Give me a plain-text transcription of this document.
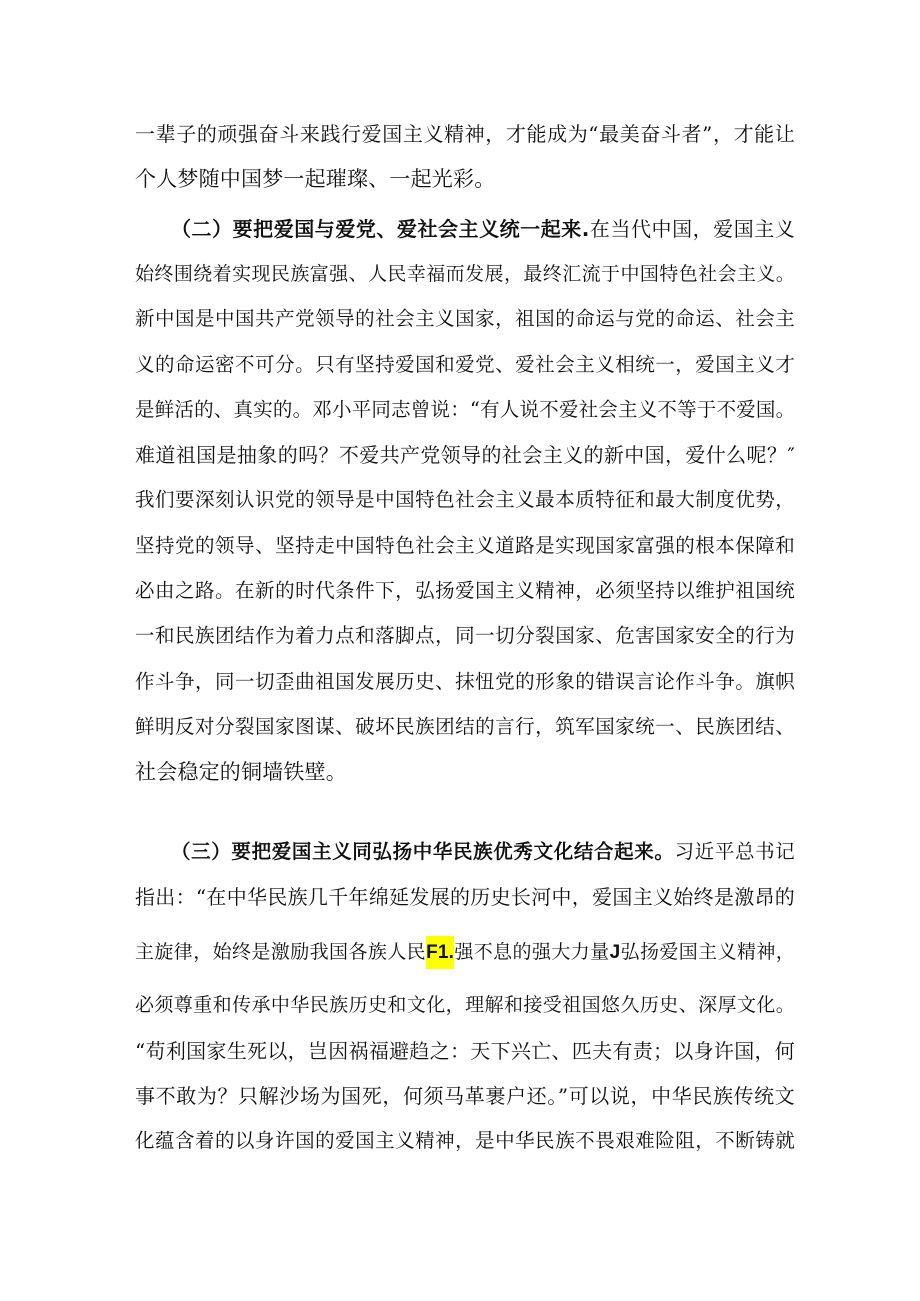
一辈子的顽强奋斗来践行爱国主义精神，才能成为“最美奋斗者”，才能让
个人梦随中国梦一起璀璨、一起光彩。
（二）要把爱国与爱党、爱社会主义统一起来.在当代中国，爱国主义
始终围绕着实现民族富强、人民幸福而发展，最终汇流于中国特色社会主义。
新中国是中国共产党领导的社会主义国家，祖国的命运与党的命运、社会主
义的命运密不可分。只有坚持爱国和爱党、爱社会主义相统一，爱国主义才
是鲜活的、真实的。邓小平同志曾说：“有人说不爱社会主义不等于不爱国。
难道祖国是抽象的吗？不爱共产党领导的社会主义的新中国，爱什么呢？″
我们要深刻认识党的领导是中国特色社会主义最本质特征和最大制度优势，
坚持党的领导、坚持走中国特色社会主义道路是实现国家富强的根本保障和
必由之路。在新的时代条件下，弘扬爱国主义精神，必须坚持以维护祖国统
一和民族团结作为着力点和落脚点，同一切分裂国家、危害国家安全的行为
作斗争，同一切歪曲祖国发展历史、抹忸党的形象的错误言论作斗争。旗帜
鲜明反对分裂国家图谋、破坏民族团结的言行，筑军国家统一、民族团结、
社会稳定的铜墙铁壁。
（三）要把爱国主义同弘扬中华民族优秀文化结合起来。习近平总书记
指出：“在中华民族几千年绵延发展的历史长河中，爱国主义始终是激昂的
主旋律，始终是激励我国各族人民F1.强不息的强大力量J弘扬爱国主义精神，
必须尊重和传承中华民族历史和文化，理解和接受祖国悠久历史、深厚文化。
“苟利国家生死以，岂因祸福避趋之：天下兴亡、匹夫有责；以身许国，何
事不敢为？只解沙场为国死，何须马革裹户还。”可以说，中华民族传统文
化蕴含着的以身许国的爱国主义精神，是中华民族不畏艰难险阻，不断铸就
